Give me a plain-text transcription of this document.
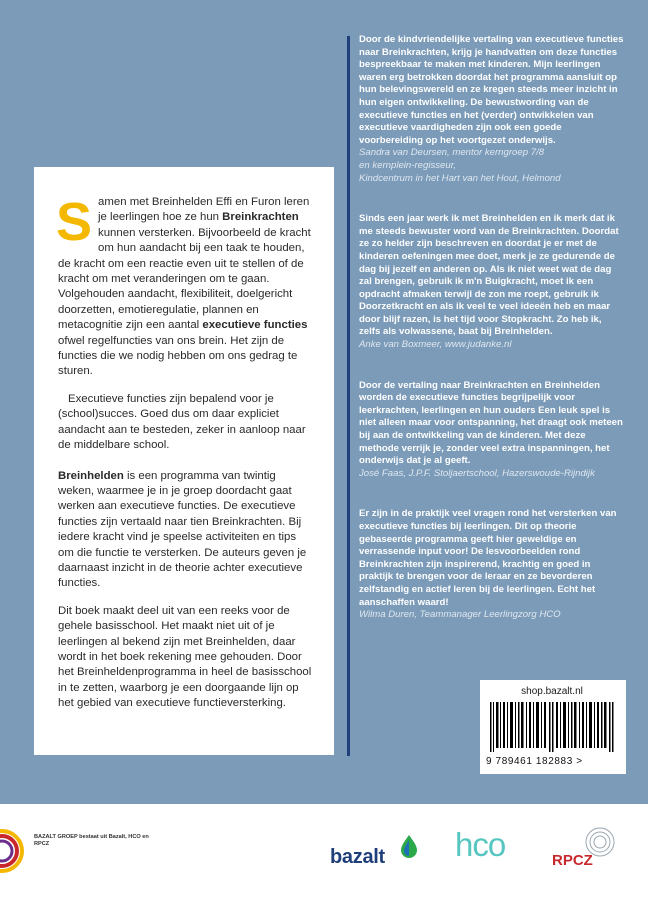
Samen met Breinhelden Effi en Furon leren je leerlingen hoe ze hun Breinkrachten kunnen versterken. Bijvoorbeeld de kracht om hun aandacht bij een taak te houden, de kracht om een reactie even uit te stellen of de kracht om met veranderingen om te gaan. Volgehouden aandacht, flexibiliteit, doelgericht doorzetten, emotieregulatie, plannen en metacognitie zijn een aantal executieve functies ofwel regelfuncties van ons brein. Het zijn de functies die we nodig hebben om ons gedrag te sturen.

Executieve functies zijn bepalend voor je (school)succes. Goed dus om daar expliciet aandacht aan te besteden, zeker in aanloop naar de middelbare school.

Breinhelden is een programma van twintig weken, waarmee je in je groep doordacht gaat werken aan executieve functies. De executieve functies zijn vertaald naar tien Breinkrachten. Bij iedere kracht vind je speelse activiteiten en tips om die functie te versterken. De auteurs geven je daarnaast inzicht in de theorie achter executieve functies.

Dit boek maakt deel uit van een reeks voor de gehele basisschool. Het maakt niet uit of je leerlingen al bekend zijn met Breinhelden, daar wordt in het boek rekening mee gehouden. Door het Breinheldenprogramma in heel de basisschool in te zetten, waarborg je een doorgaande lijn op het gebied van executieve functieversterking.

Door de kindvriendelijke vertaling van executieve functies naar Breinkrachten, krijg je handvatten om deze functies bespreekbaar te maken met kinderen. Mijn leerlingen waren erg betrokken doordat het programma aansluit op hun belevingswereld en ze kregen steeds meer inzicht in hun eigen ontwikkeling. De bewustwording van de executieve functies en het (verder) ontwikkelen van executieve vaardigheden zijn ook een goede voorbereiding op het voortgezet onderwijs.
Sandra van Deursen, mentor kerngroep 7/8
en kernplein-regisseur,
Kindcentrum in het Hart van het Hout, Helmond
Sinds een jaar werk ik met Breinhelden en ik merk dat ik me steeds bewuster word van de Breinkrachten. Doordat ze zo helder zijn beschreven en doordat je er met de kinderen oefeningen mee doet, merk je ze gedurende de dag bij jezelf en anderen op. Als ik niet weet wat de dag zal brengen, gebruik ik m'n Buigkracht, moet ik een opdracht afmaken terwijl de zon me roept, gebruik ik Doorzetkracht en als ik veel te veel ideeën heb en maar door blijf razen, is het tijd voor Stopkracht. Zo heb ik, zelfs als volwassene, baat bij Breinhelden.
Anke van Boxmeer, www.judanke.nl
Door de vertaling naar Breinkrachten en Breinhelden worden de executieve functies begrijpelijk voor leerkrachten, leerlingen en hun ouders Een leuk spel is niet alleen maar voor ontspanning, het draagt ook meteen bij aan de ontwikkeling van de kinderen. Met deze methode verrijk je, zonder veel extra inspanningen, het onderwijs dat je al geeft.
José Faas, J.P.F. Stoljaertschool, Hazerswoude-Rijndijk
Er zijn in de praktijk veel vragen rond het versterken van executieve functies bij leerlingen. Dit op theorie gebaseerde programma geeft hier geweldige en verrassende input voor! De lesvoorbeelden rond Breinkrachten zijn inspirerend, krachtig en goed in praktijk te brengen voor de leraar en ze bevorderen zelfstandig en actief leren bij de leerlingen. Echt het aanschaffen waard!
Wilma Duren, Teammanager Leerlingzorg HCO
shop.bazalt.nl
9 789461 182883 >
BAZALT GROEP bestaat uit Bazalt, HCO en RPCZ
bazalt hco	RPCZ
